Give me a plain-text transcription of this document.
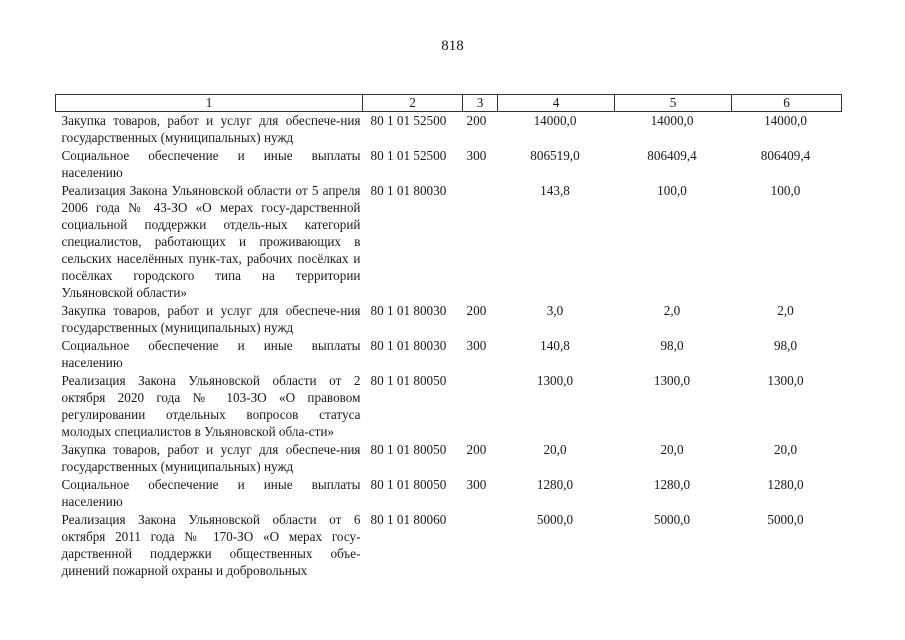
818
1	2	3	4	5	6
Закупка товаров, работ и услуг для обеспече-ния государственных (муниципальных) нужд	80 1 01 52500	200	14000,0	14000,0	14000,0
Социальное обеспечение и иные выплаты населению	80 1 01 52500	300	806519,0	806409,4	806409,4
Реализация Закона Ульяновской области от 5 апреля 2006 года № 43-ЗО «О мерах госу-дарственной социальной поддержки отдель-ных категорий специалистов, работающих и проживающих в сельских населённых пунк-тах, рабочих посёлках и посёлках городского типа на территории Ульяновской области»	80 1 01 80030		143,8	100,0	100,0
Закупка товаров, работ и услуг для обеспече-ния государственных (муниципальных) нужд	80 1 01 80030	200	3,0	2,0	2,0
Социальное обеспечение и иные выплаты населению	80 1 01 80030	300	140,8	98,0	98,0
Реализация Закона Ульяновской области от 2 октября 2020 года № 103-ЗО «О правовом регулировании отдельных вопросов статуса молодых специалистов в Ульяновской обла-сти»	80 1 01 80050		1300,0	1300,0	1300,0
Закупка товаров, работ и услуг для обеспече-ния государственных (муниципальных) нужд	80 1 01 80050	200	20,0	20,0	20,0
Социальное обеспечение и иные выплаты населению	80 1 01 80050	300	1280,0	1280,0	1280,0
Реализация Закона Ульяновской области от 6 октября 2011 года № 170-ЗО «О мерах госу-дарственной поддержки общественных объе-динений пожарной охраны и добровольных	80 1 01 80060		5000,0	5000,0	5000,0
